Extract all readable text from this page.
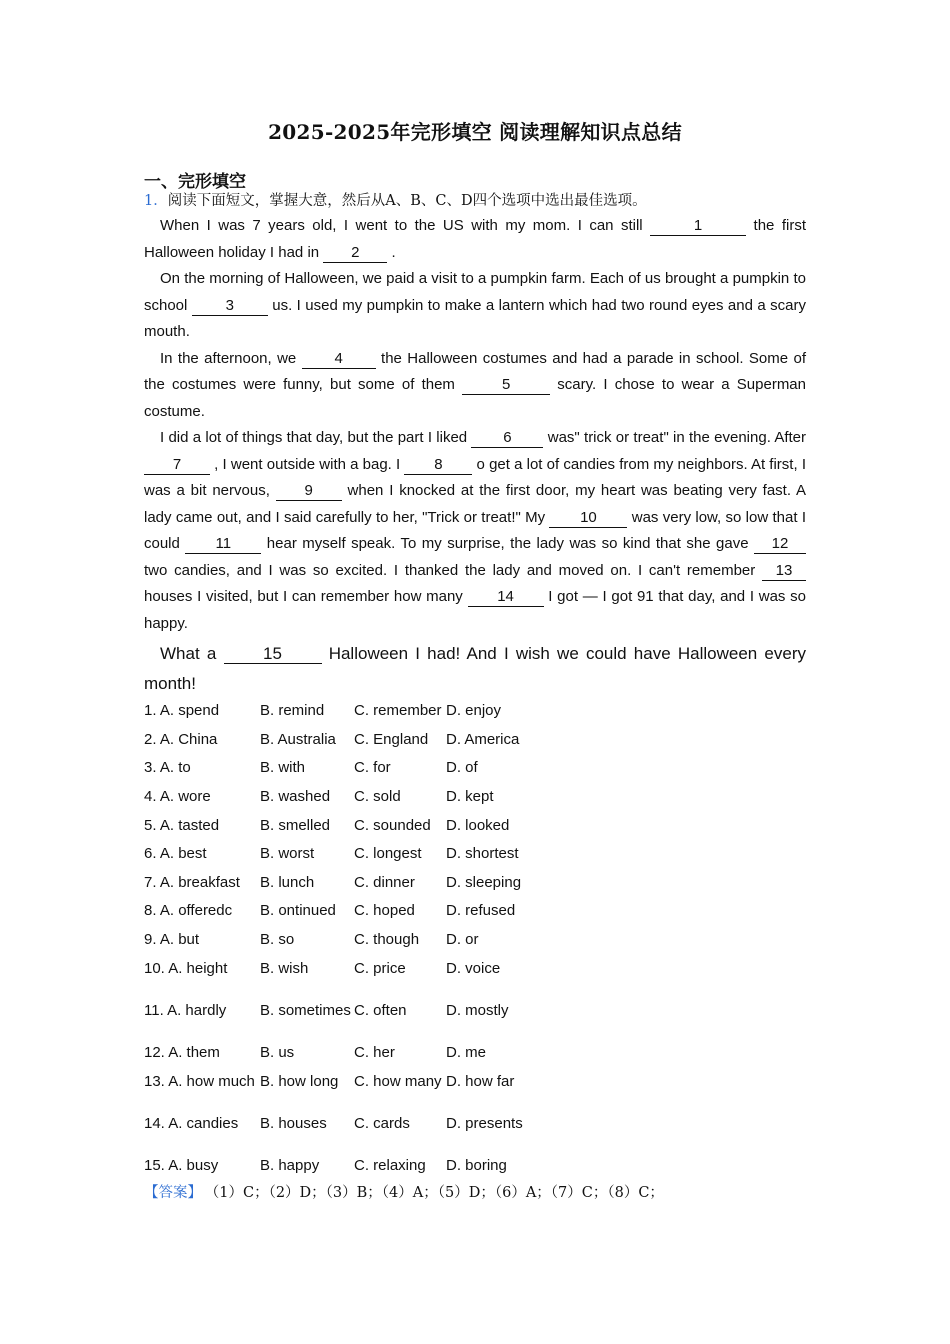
2025-2025年完形填空 阅读理解知识点总结
一、完形填空
1．阅读下面短文，掌握大意，然后从A、B、C、D四个选项中选出最佳选项。

When I was 7 years old, I went to the US with my mom. I can still	1	the first Halloween holiday I had in 2 .

On the morning of Halloween, we paid a visit to a pumpkin farm. Each of us brought a pumpkin to school 3 us. I used my pumpkin to make a lantern which had two round eyes and a scary mouth.

In the afternoon, we 4 the Halloween costumes and had a parade in school. Some of the costumes were funny, but some of them	5	scary. I chose to wear a Superman costume.

I did a lot of things that day, but the part I liked 6 was" trick or treat" in the evening. After 7 , I went outside with a bag. I 8 o get a lot of candies from my neighbors. At first, I was a bit nervous, 9 when I knocked at the first door, my heart was beating very fast. A lady came out, and I said carefully to her, "Trick or treat!" My 10 was very low, so low that I could 11 hear myself speak. To my surprise, the lady was so kind that she gave 12 two candies, and I was so excited. I thanked the lady and moved on. I can't remember 13 houses I visited, but I can remember how many 14 I got — I got 91 that day, and I was so happy.

What a 15 Halloween I had! And I wish we could have Halloween every month!

1. A. spend	B. remind	C. remember	D. enjoy
2. A. China	B. Australia	C. England	D. America
3. A. to	B. with	C. for	D. of
4. A. wore	B. washed	C. sold	D. kept
5. A. tasted	B. smelled	C. sounded	D. looked
6. A. best	B. worst	C. longest	D. shortest
7. A. breakfast	B. lunch	C. dinner	D. sleeping
8. A. offeredc	B. ontinued	C. hoped	D. refused
9. A. but	B. so	C. though	D. or
10. A. height	B. wish	C. price	D. voice
11. A. hardly	B. sometimes	C. often	D. mostly
12. A. them	B. us	C. her	D. me
13. A. how much	B. how long	C. how many	D. how far
14. A. candies	B. houses	C. cards	D. presents
15. A. busy	B. happy	C. relaxing	D. boring
【答案】 （1）C；（2）D；（3）B；（4）A；（5）D；（6）A；（7）C；（8）C；
